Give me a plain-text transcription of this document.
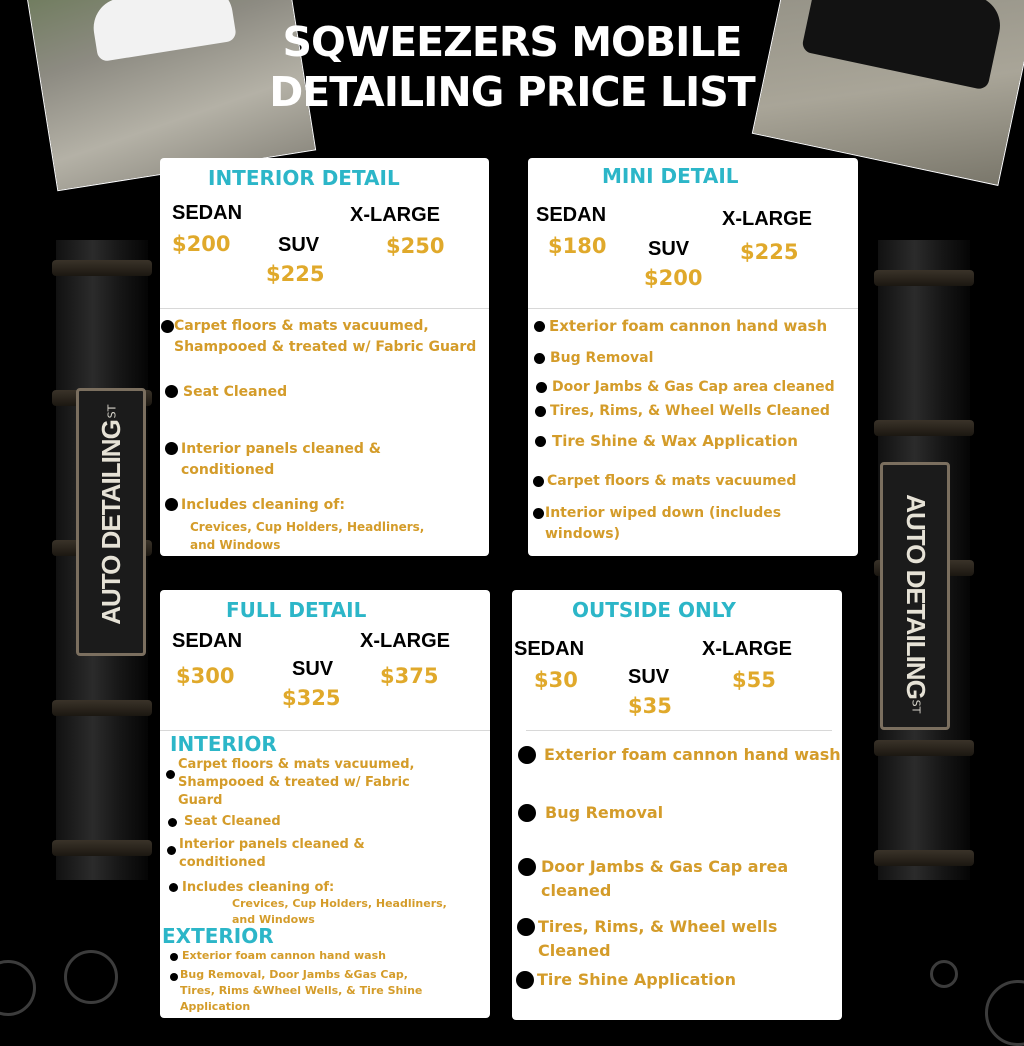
AUTO DETAILING
ST
AUTO DETAILING
ST
SQWEEZERS MOBILE
DETAILING PRICE LIST
INTERIOR DETAIL
SEDAN
SUV
X-LARGE
$200
$225
$250
Carpet floors & mats vacuumed,
Shampooed & treated w/ Fabric Guard
Seat Cleaned
Interior panels cleaned &
conditioned
Includes cleaning of:
Crevices, Cup Holders, Headliners,
and Windows
MINI DETAIL
SEDAN
SUV
X-LARGE
$180
$200
$225
Exterior foam cannon hand wash
Bug Removal
Door Jambs & Gas Cap area cleaned
Tires, Rims, & Wheel Wells Cleaned
Tire Shine & Wax Application
Carpet floors & mats vacuumed
Interior wiped down (includes windows)
FULL DETAIL
SEDAN
SUV
X-LARGE
$300
$325
$375
INTERIOR
Carpet floors & mats vacuumed,
Shampooed & treated w/ Fabric
Guard
Seat Cleaned
Interior panels cleaned &
conditioned
Includes cleaning of:
Crevices, Cup Holders, Headliners,
and Windows
EXTERIOR
Exterior foam cannon hand wash
Bug Removal, Door Jambs &Gas Cap,
Tires, Rims &Wheel Wells, & Tire Shine
Application
OUTSIDE ONLY
SEDAN
SUV
X-LARGE
$30
$35
$55
Exterior foam cannon hand wash
Bug Removal
Door Jambs & Gas Cap area
cleaned
Tires, Rims, & Wheel wells
Cleaned
Tire Shine Application
